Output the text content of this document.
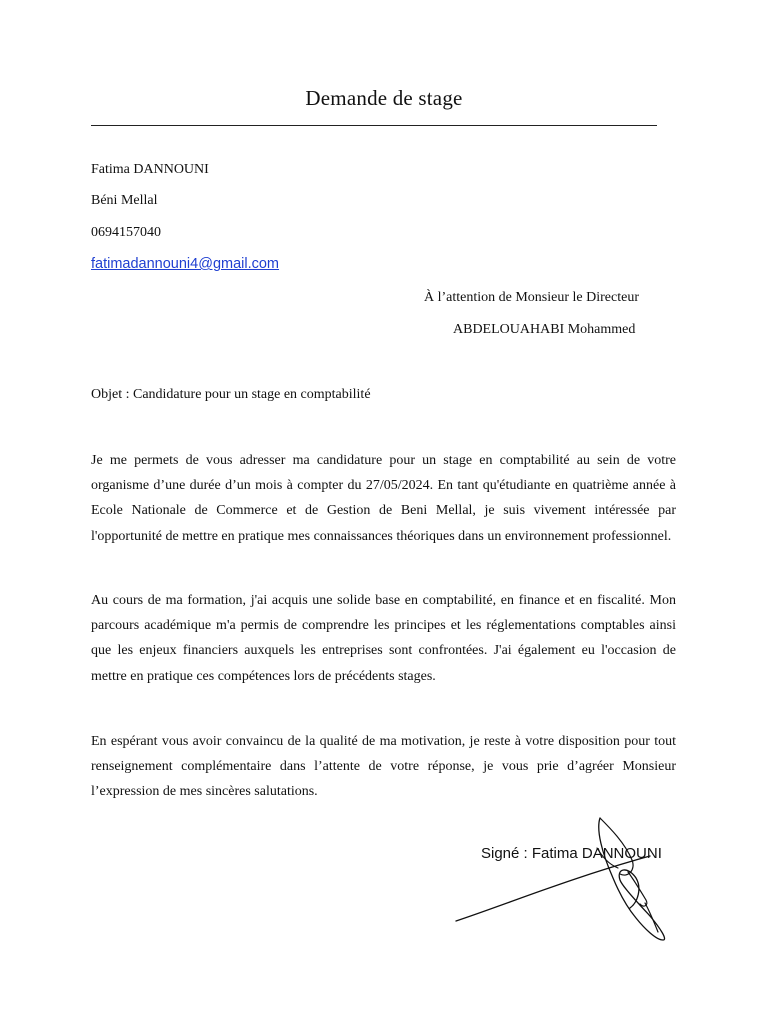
Demande de stage
Fatima DANNOUNI
Béni Mellal
0694157040
fatimadannouni4@gmail.com
À l’attention de Monsieur le Directeur
ABDELOUAHABI Mohammed
Objet : Candidature pour un stage en comptabilité

Je me permets de vous adresser ma candidature pour un stage en comptabilité au sein de votre organisme d’une durée d’un mois à compter du 27/05/2024. En tant qu'étudiante en quatrième année à Ecole Nationale de Commerce et de Gestion de Beni Mellal, je suis vivement intéressée par l'opportunité de mettre en pratique mes connaissances théoriques dans un environnement professionnel.

Au cours de ma formation, j'ai acquis une solide base en comptabilité, en finance et en fiscalité. Mon parcours académique m'a permis de comprendre les principes et les réglementations comptables ainsi que les enjeux financiers auxquels les entreprises sont confrontées. J'ai également eu l'occasion de mettre en pratique ces compétences lors de précédents stages.

En espérant vous avoir convaincu de la qualité de ma motivation, je reste à votre disposition pour tout renseignement complémentaire dans l’attente de votre réponse, je vous prie d’agréer Monsieur l’expression de mes sincères salutations.

Signé : Fatima DANNOUNI
